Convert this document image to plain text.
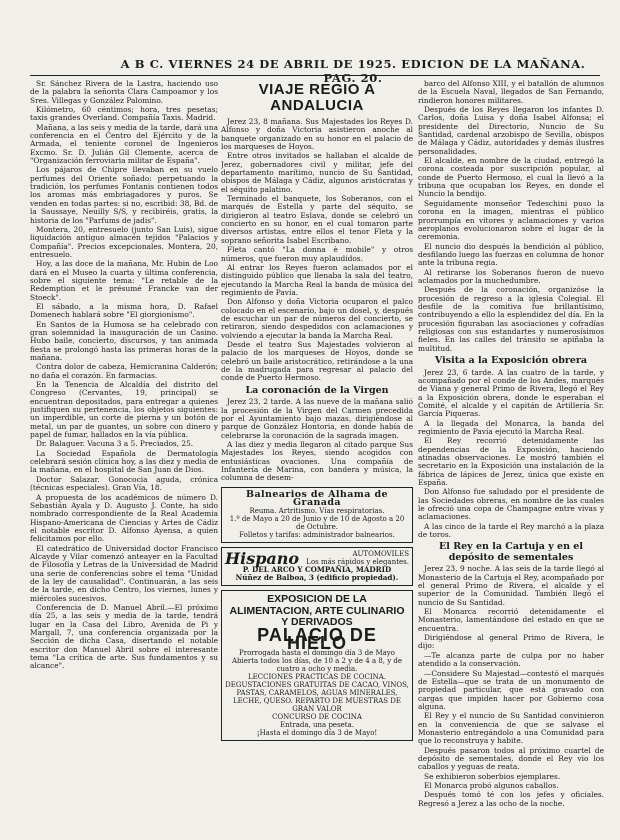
A B C. VIERNES 24 DE ABRIL DE 1925. EDICION DE LA MAÑANA. PAG. 20.

Sr. Sánchez Rivera de la Lastra, haciendo uso de la palabra la señorita Clara Campoamor y los Sres. Villegas y González Palomino.

Kilómetro, 60 céntimos; hora, tres pesetas; taxis grandes Overland. Compañía Taxis. Madrid.

Mañana, a las seis y media de la tarde, dará una conferencia en el Centro del Ejército y de la Armada, el teniente coronel de Ingenieros Excmo. Sr. D. Julián Gil Clemente, acerca de "Organización ferroviaria militar de España".

Los pájaros de Chipre llevaban en su vuelo perfumes del Oriente soñado: perpetuando la tradición, los perfumes Fontanis contienen todos los aromas más embriagadores y puros. Se venden en todas partes: si no, escribid: 38, Bd. de la Saussaye, Neuilly S/S, y recibiréis, gratis, la historia de los "Parfums de jadis".

Montera, 20, entresuelo (junto San Luis), sigue liquidación antiguo almacén tejidos "Palacios y Compañía". Precios excepcionales. Montera, 20, entresuelo.

Hoy, a las doce de la mañana, Mr. Hubin de Loo dará en el Museo la cuarta y última conferencia, sobre el siguiente tema: "Le retable de la Redemption et le présumé Francke van der Stoeck".

El sábado, a la misma hora, D. Rafael Domenech hablará sobre "El giorgionismo".

En Santos de la Humosa se ha celebrado con gran solemnidad la inauguración de un Casino. Hubo baile, concierto, discursos, y tan animada fiesta se prolongó hasta las primeras horas de la mañana.

Contra dolor de cabeza, Hemicranina Calderón; no daña el corazón. En farmacias.

En la Tenencia de Alcaldía del distrito del Congreso (Cervantes, 19, principal) se encuentran depositados, para entregar a quienes justifiquen su pertenencia, los objetos siguientes: un imperdible, un corte de pierna y un botón de metal, un par de guantes, un sobre con dinero y papel de fumar, hallados en la vía pública.

Dr. Balaguer. Vacuna 3 a 5. Preciados, 25.

La Sociedad Española de Dermatología celebrará sesión clínica hoy, a las diez y media de la mañana, en el hospital de San Juan de Dios.

Doctor Salazar. Gonococia aguda, crónica (técnicas especiales). Gran Vía, 18.

A propuesta de los académicos de número D. Sebastián Ayala y D. Augusto J. Conte, ha sido nombrado correspondiente de la Real Academia Hispano-Americana de Ciencias y Artes de Cádiz el notable escritor D. Alfonso Ayensa, a quien felicitamos por ello.

El catedrático de Universidad doctor Francisco Alcayde y Vilar comenzó anteayer en la Facultad de Filosofía y Letras de la Universidad de Madrid una serie de conferencias sobre el tema "Unidad de la ley de causalidad". Continuarán, a las seis de la tarde, en dicho Centro, los viernes, lunes y miércoles sucesivos.

Conferencia de D. Manuel Abril.—El próximo día 25, a las seis y media de la tarde, tendrá lugar en la Casa del Libro, Avenida de Pi y Margall, 7, una conferencia organizada por la Sección de dicha Casa, disertando el notable escritor don Manuel Abril sobre el interesante tema "La crítica de arte. Sus fundamentos y su alcance".

VIAJE REGIO A ANDALUCIA

Jerez 23, 8 mañana. Sus Majestades los Reyes D. Alfonso y doña Victoria asistieron anoche al banquete organizado en su honor en el palacio de los marqueses de Hoyos.

Entre otros invitados se hallaban el alcalde de Jerez, gobernadores civil y militar, jefe del departamento marítimo, nuncio de Su Santidad, obispos de Málaga y Cádiz, algunos aristócratas y el séquito palatino.

Terminado el banquete, los Soberanos, con el marqués de Estella y parte del séquito, se dirigieron al teatro Eslava, donde se celebró un concierto en su honor, en el cual tomaron parte diversos artistas, entre ellos el tenor Fleta y la soprano señorita Isabel Escribano.

Fleta cantó "La donna è mobile" y otros números, que fueron muy aplaudidos.

Al entrar los Reyes fueron aclamados por el distinguido público que llenaba la sala del teatro, ejecutando la Marcha Real la banda de música del regimiento de Pavía.

Don Alfonso y doña Victoria ocuparon el palco colocado en el escenario, bajo un dosel, y, después de escuchar un par de números del concierto, se retiraron, siendo despedidos con aclamaciones y volviendo a ejecutar la banda la Marcha Real.

Desde el teatro Sus Majestades volvieron al palacio de los marqueses de Hoyos, donde se celebró un baile aristocrático, retirándose a la una de la madrugada para regresar al palacio del conde de Puerto Hermoso.

La coronación de la Virgen

Jerez 23, 2 tarde. A las nueve de la mañana salió la procesión de la Virgen del Carmen precedida por el Ayuntamiento bajo mazas, dirigiéndose al parque de González Hontoria, en donde había de celebrarse la coronación de la sagrada imagen.

A las diez y media llegaron al citado parque Sus Majestades los Reyes, siendo acogidos con entusiásticas ovaciones. Una compañía de Infantería de Marina, con bandera y música, la columna de desem-

Balnearios de Alhama de Granada
Reuma. Artritismo. Vías respiratorias.
1.º de Mayo a 20 de Junio y de 10 de Agosto a 20 de Octubre.
Folletos y tarifas: administrador balnearios.
Hispano	AUTOMOVILES
Los más rápidos y elegantes.
P. DEL ARCO Y COMPAÑIA, MADRID
Núñez de Balboa, 3 (edificio propiedad).
EXPOSICION DE LA ALIMENTACION, ARTE CULINARIO Y DERIVADOS
PALACIO DE HIELO
Prorrogada hasta el domingo día 3 de Mayo
Abierta todos los días, de 10 a 2 y de 4 a 8, y de cuatro a ocho y media.
LECCIONES PRACTICAS DE COCINA. DEGUSTACIONES GRATUITAS DE CACAO, VINOS, PASTAS, CARAMELOS, AGUAS MINERALES, LECHE, QUESO. REPARTO DE MUESTRAS DE GRAN VALOR
CONCURSO DE COCINA
Entrada, una peseta.
¡Hasta el domingo día 3 de Mayo!

barco del Alfonso XIII, y el batallón de alumnos de la Escuela Naval, llegados de San Fernando, rindieron honores militares.

Después de los Reyes llegaron los infantes D. Carlos, doña Luisa y doña Isabel Alfonsa; el presidente del Directorio, Nuncio de Su Santidad, cardenal arzobispo de Sevilla, obispos de Málaga y Cádiz, autoridades y demás ilustres personalidades.

El alcalde, en nombre de la ciudad, entregó la corona costeada por suscripción popular, al conde de Puerto Hermoso, el cual la llevó a la tribuna que ocupaban los Reyes, en donde el Nuncio la bendijo.

Seguidamente monseñor Tedeschini puso la corona en la imagen, mientras el público prorrumpía en vítores y aclamaciones y varios aeroplanos evolucionaron sobre el lugar de la ceremonia.

El nuncio dio después la bendición al público, desfilando luego las fuerzas en columna de honor ante la tribuna regia.

Al retirarse los Soberanos fueron de nuevo aclamados por la muchedumbre.

Después de la coronación, organizóse la procesión de regreso a la iglesia Colegial. El desfile de la comitiva fue brillantísimo, contribuyendo a ello la esplendidez del día. En la procesión figuraban las asociaciones y cofradías religiosas con sus estandartes y numerosísimos fieles. En las calles del tránsito se apiñaba la multitud.

Visita a la Exposición obrera

Jerez 23, 6 tarde. A las cuatro de la tarde, y acompañado por el conde de los Andes, marqués de Viana y general Primo de Rivera, llegó el Rey a la Exposición obrera, donde le esperaban el Comité, el alcalde y el capitán de Artillería Sr. García Piqueras.

A la llegada del Monarca, la banda del regimiento de Pavía ejecutó la Marcha Real.

El Rey recorrió detenidamente las dependencias de la Exposición, haciendo atinadas observaciones. Le mostró también el secretario en la Exposición una instalación de la fábrica de lápices de Jerez, única que existe en España.

Don Alfonso fue saludado por el presidente de las Sociedades obreras, en nombre de las cuales le ofreció una copa de Champagne entre vivas y aclamaciones.

A las cinco de la tarde el Rey marchó a la plaza de toros.

El Rey en la Cartuja y en el depósito de sementales

Jerez 23, 9 noche. A las seis de la tarde llegó al Monasterio de la Cartuja el Rey, acompañado por el general Primo de Rivera, el alcalde y el superior de la Comunidad. También llegó el nuncio de Su Santidad.

El Monarca recorrió detenidamente el Monasterio, lamentándose del estado en que se encuentra.

Dirigiéndose al general Primo de Rivera, le dijo:

—Te alcanza parte de culpa por no haber atendido a la conservación.

—Considere Su Majestad—contestó el marqués de Estella—que se trata de un monumento de propiedad particular, que está gravado con cargas que impiden hacer por Gobierno cosa alguna.

El Rey y el nuncio de Su Santidad convinieron en la conveniencia de que se salvase el Monasterio entregándolo a una Comunidad para que lo reconstruya y habite.

Después pasaron todos al próximo cuartel de depósito de sementales, donde el Rey vio los caballos y yeguas de reata.

Se exhibieron soberbios ejemplares.

El Monarca probó algunos caballos.

Después tomó té con los jefes y oficiales. Regresó a Jerez a las ocho de la noche.
